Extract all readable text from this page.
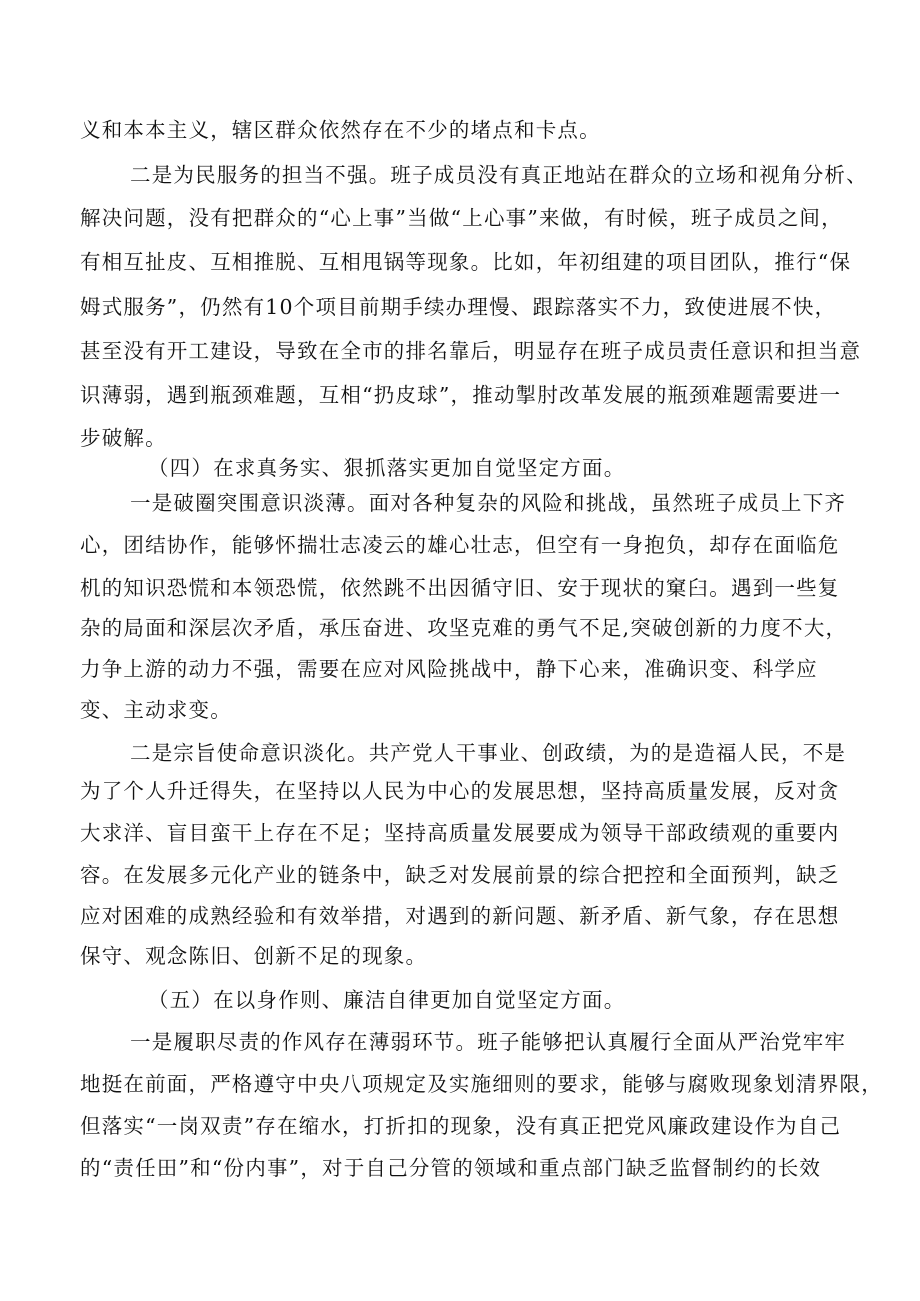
义和本本主义，辖区群众依然存在不少的堵点和卡点。
二是为民服务的担当不强。班子成员没有真正地站在群众的立场和视角分析、
解决问题，没有把群众的“心上事”当做“上心事”来做，有时候，班子成员之间，
有相互扯皮、互相推脱、互相甩锅等现象。比如，年初组建的项目团队，推行“保
姆式服务”，仍然有10个项目前期手续办理慢、跟踪落实不力，致使进展不快，
甚至没有开工建设，导致在全市的排名靠后，明显存在班子成员责任意识和担当意
识薄弱，遇到瓶颈难题，互相“扔皮球”，推动掣肘改革发展的瓶颈难题需要进一
步破解。
（四）在求真务实、狠抓落实更加自觉坚定方面。
一是破圈突围意识淡薄。面对各种复杂的风险和挑战，虽然班子成员上下齐
心，团结协作，能够怀揣壮志凌云的雄心壮志，但空有一身抱负，却存在面临危
机的知识恐慌和本领恐慌，依然跳不出因循守旧、安于现状的窠臼。遇到一些复
杂的局面和深层次矛盾，承压奋进、攻坚克难的勇气不足,突破创新的力度不大，
力争上游的动力不强，需要在应对风险挑战中，静下心来，准确识变、科学应
变、主动求变。
二是宗旨使命意识淡化。共产党人干事业、创政绩，为的是造福人民，不是
为了个人升迁得失，在坚持以人民为中心的发展思想，坚持高质量发展，反对贪
大求洋、盲目蛮干上存在不足；坚持高质量发展要成为领导干部政绩观的重要内
容。在发展多元化产业的链条中，缺乏对发展前景的综合把控和全面预判，缺乏
应对困难的成熟经验和有效举措，对遇到的新问题、新矛盾、新气象，存在思想
保守、观念陈旧、创新不足的现象。
（五）在以身作则、廉洁自律更加自觉坚定方面。
一是履职尽责的作风存在薄弱环节。班子能够把认真履行全面从严治党牢牢
地挺在前面，严格遵守中央八项规定及实施细则的要求，能够与腐败现象划清界限，
但落实“一岗双责”存在缩水，打折扣的现象，没有真正把党风廉政建设作为自己
的“责任田”和“份内事”，对于自己分管的领域和重点部门缺乏监督制约的长效
